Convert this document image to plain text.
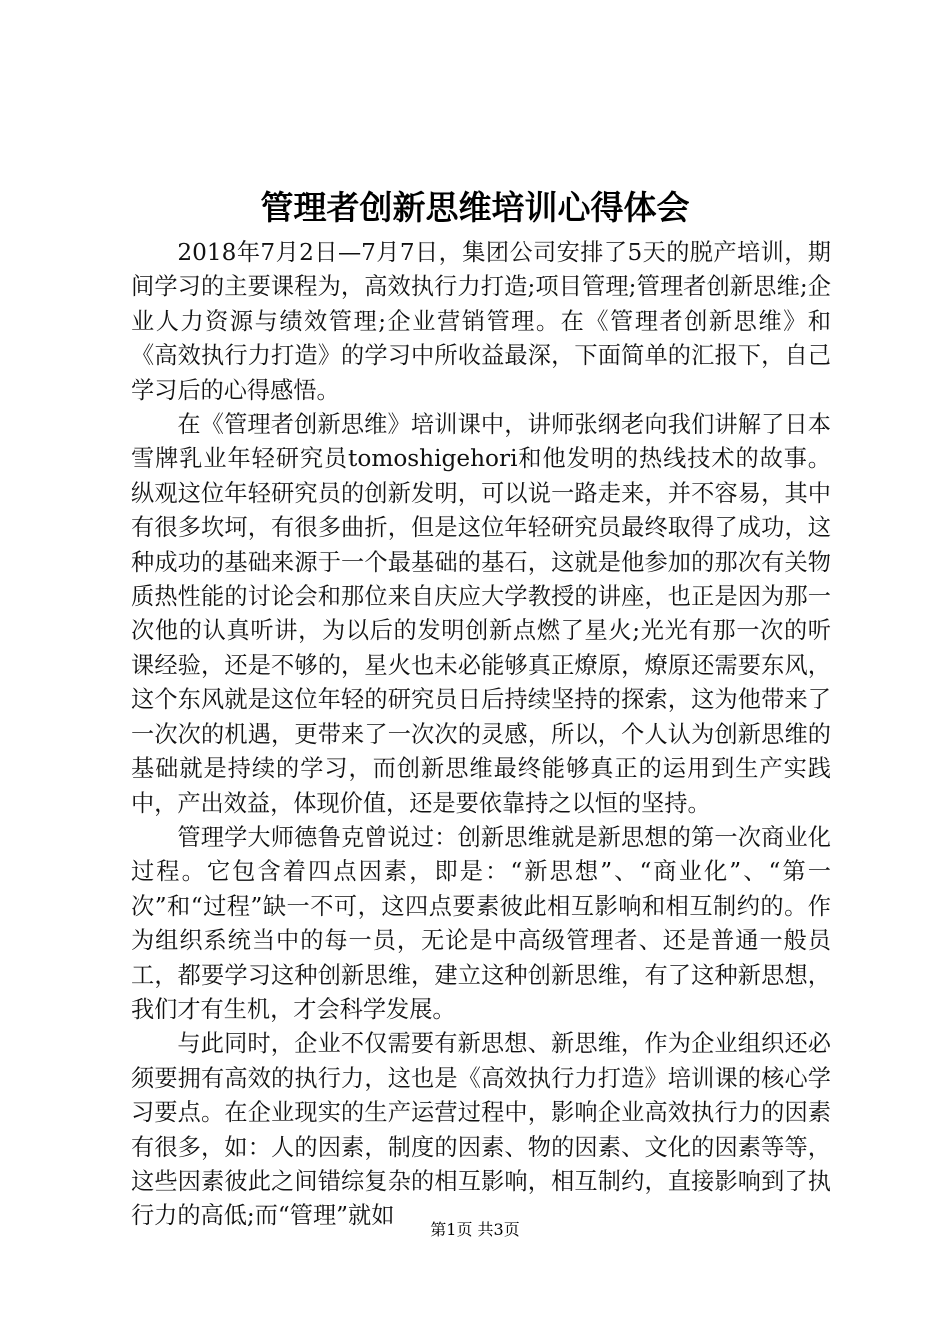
管理者创新思维培训心得体会

2018年7月2日—7月7日，集团公司安排了5天的脱产培训，期间学习的主要课程为，高效执行力打造;项目管理;管理者创新思维;企业人力资源与绩效管理;企业营销管理。在《管理者创新思维》和《高效执行力打造》的学习中所收益最深，下面简单的汇报下，自己学习后的心得感悟。

在《管理者创新思维》培训课中，讲师张纲老向我们讲解了日本雪牌乳业年轻研究员tomoshigehori和他发明的热线技术的故事。纵观这位年轻研究员的创新发明，可以说一路走来，并不容易，其中有很多坎坷，有很多曲折，但是这位年轻研究员最终取得了成功，这种成功的基础来源于一个最基础的基石，这就是他参加的那次有关物质热性能的讨论会和那位来自庆应大学教授的讲座，也正是因为那一次他的认真听讲，为以后的发明创新点燃了星火;光光有那一次的听课经验，还是不够的，星火也未必能够真正燎原，燎原还需要东风，这个东风就是这位年轻的研究员日后持续坚持的探索，这为他带来了一次次的机遇，更带来了一次次的灵感，所以，个人认为创新思维的基础就是持续的学习，而创新思维最终能够真正的运用到生产实践中，产出效益，体现价值，还是要依靠持之以恒的坚持。

管理学大师德鲁克曾说过：创新思维就是新思想的第一次商业化过程。它包含着四点因素，即是：“新思想”、“商业化”、“第一次”和“过程”缺一不可，这四点要素彼此相互影响和相互制约的。作为组织系统当中的每一员，无论是中高级管理者、还是普通一般员工，都要学习这种创新思维，建立这种创新思维，有了这种新思想，我们才有生机，才会科学发展。

与此同时，企业不仅需要有新思想、新思维，作为企业组织还必须要拥有高效的执行力，这也是《高效执行力打造》培训课的核心学习要点。在企业现实的生产运营过程中，影响企业高效执行力的因素有很多，如：人的因素，制度的因素、物的因素、文化的因素等等，这些因素彼此之间错综复杂的相互影响，相互制约，直接影响到了执行力的高低;而“管理”就如

第1页 共3页
